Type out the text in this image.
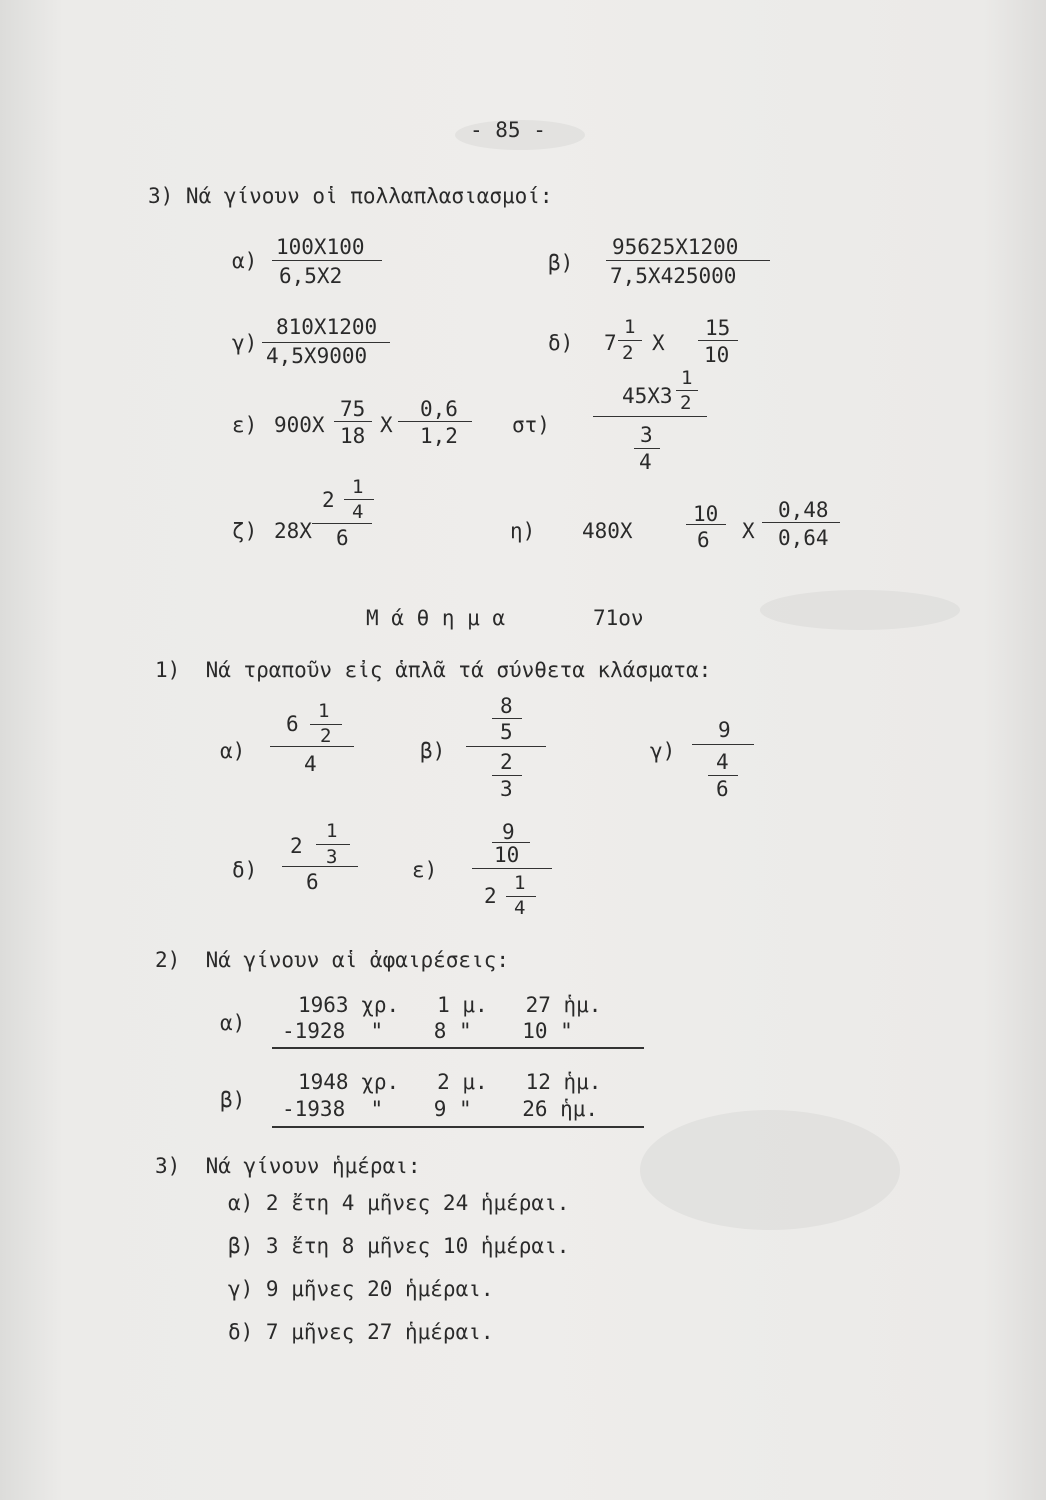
- 85 -
3) Νά γίνουν οἱ πολλαπλασιασμοί:
α)
100Χ100
6,5Χ2
β)
95625Χ1200
7,5Χ425000
γ)
810Χ1200
4,5Χ9000
δ) 7
1
2 Χ
15
10
ε) 900Χ
75
18 Χ
0,6
1,2	στ)
45Χ3
1
2
3
4
ζ) 28Χ
2
1
4
6	η) 480Χ
10
6 Χ
0,48
0,64
Μ ά θ η μ α	71ον
1)  Νά τραποῦν εἰς ἁπλᾶ τά σύνθετα κλάσματα:
α)
6
1
2
4
β)
8
5
2
3
γ)
9
4
6
δ)
2
1
3
6	ε)
9
10
2
1
4
2)  Νά γίνουν αἱ ἀφαιρέσεις:
α)
1963 χρ.   1 μ.   27 ἡμ.
-1928  "    8 "    10 "
β)
1948 χρ.   2 μ.   12 ἡμ.
-1938  "    9 "    26 ἡμ.
3)  Νά γίνουν ἡμέραι:
α) 2 ἔτη 4 μῆνες 24 ἡμέραι.
β) 3 ἔτη 8 μῆνες 10 ἡμέραι.
γ) 9 μῆνες 20 ἡμέραι.
δ) 7 μῆνες 27 ἡμέραι.
